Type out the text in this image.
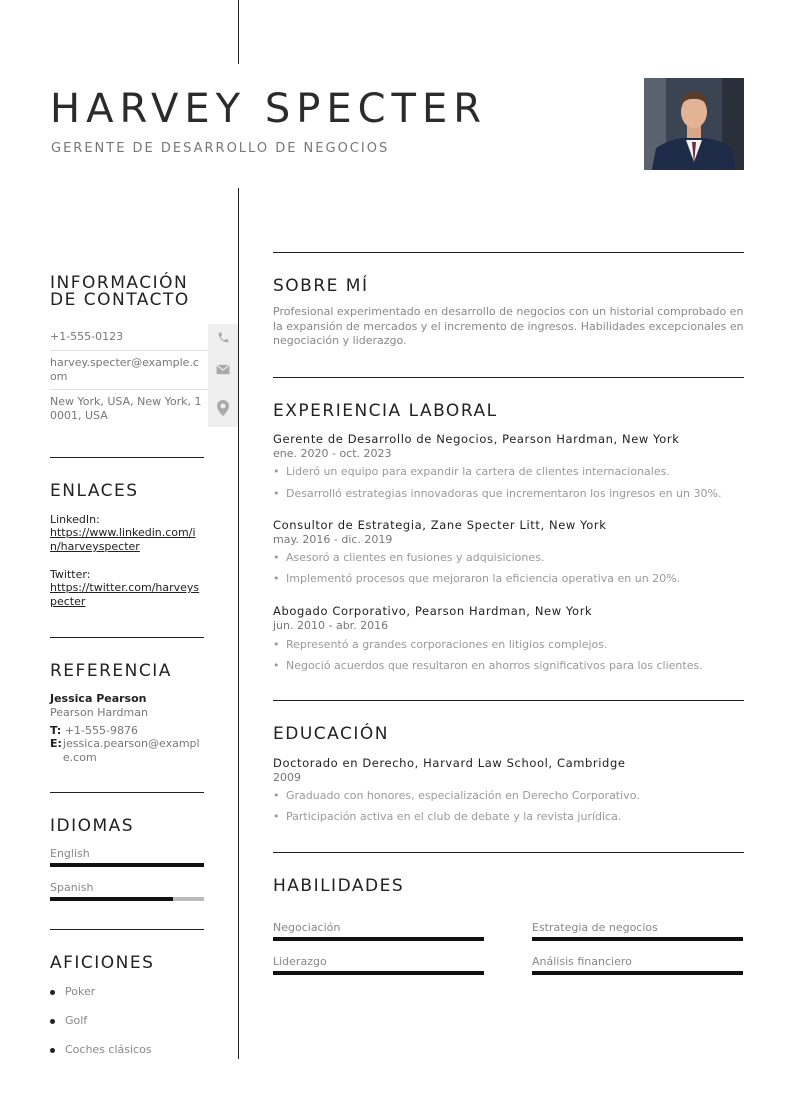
HARVEY SPECTER
GERENTE DE DESARROLLO DE NEGOCIOS
INFORMACIÓN
DE CONTACTO
+1-555-0123
harvey.specter@example.com
New York, USA, New York, 10001, USA
ENLACES
LinkedIn:
https://www.linkedin.com/in/harveyspecter
Twitter:
https://twitter.com/harveyspecter
REFERENCIA
Jessica Pearson
Pearson Hardman
T: +1-555-9876
E: jessica.pearson@example.com
IDIOMAS
English
Spanish
AFICIONES
Poker
Golf
Coches clásicos
SOBRE MÍ
Profesional experimentado en desarrollo de negocios con un historial comprobado en la expansión de mercados y el incremento de ingresos. Habilidades excepcionales en negociación y liderazgo.
EXPERIENCIA LABORAL
Gerente de Desarrollo de Negocios, Pearson Hardman, New York
ene. 2020 - oct. 2023
• Lideró un equipo para expandir la cartera de clientes internacionales.
• Desarrolló estrategias innovadoras que incrementaron los ingresos en un 30%.
Consultor de Estrategia, Zane Specter Litt, New York
may. 2016 - dic. 2019
• Asesoró a clientes en fusiones y adquisiciones.
• Implementó procesos que mejoraron la eficiencia operativa en un 20%.
Abogado Corporativo, Pearson Hardman, New York
jun. 2010 - abr. 2016
• Representó a grandes corporaciones en litigios complejos.
• Negoció acuerdos que resultaron en ahorros significativos para los clientes.
EDUCACIÓN
Doctorado en Derecho, Harvard Law School, Cambridge
2009
• Graduado con honores, especialización en Derecho Corporativo.
• Participación activa en el club de debate y la revista jurídica.
HABILIDADES
Negociación	Estrategia de negocios
Liderazgo	Análisis financiero
